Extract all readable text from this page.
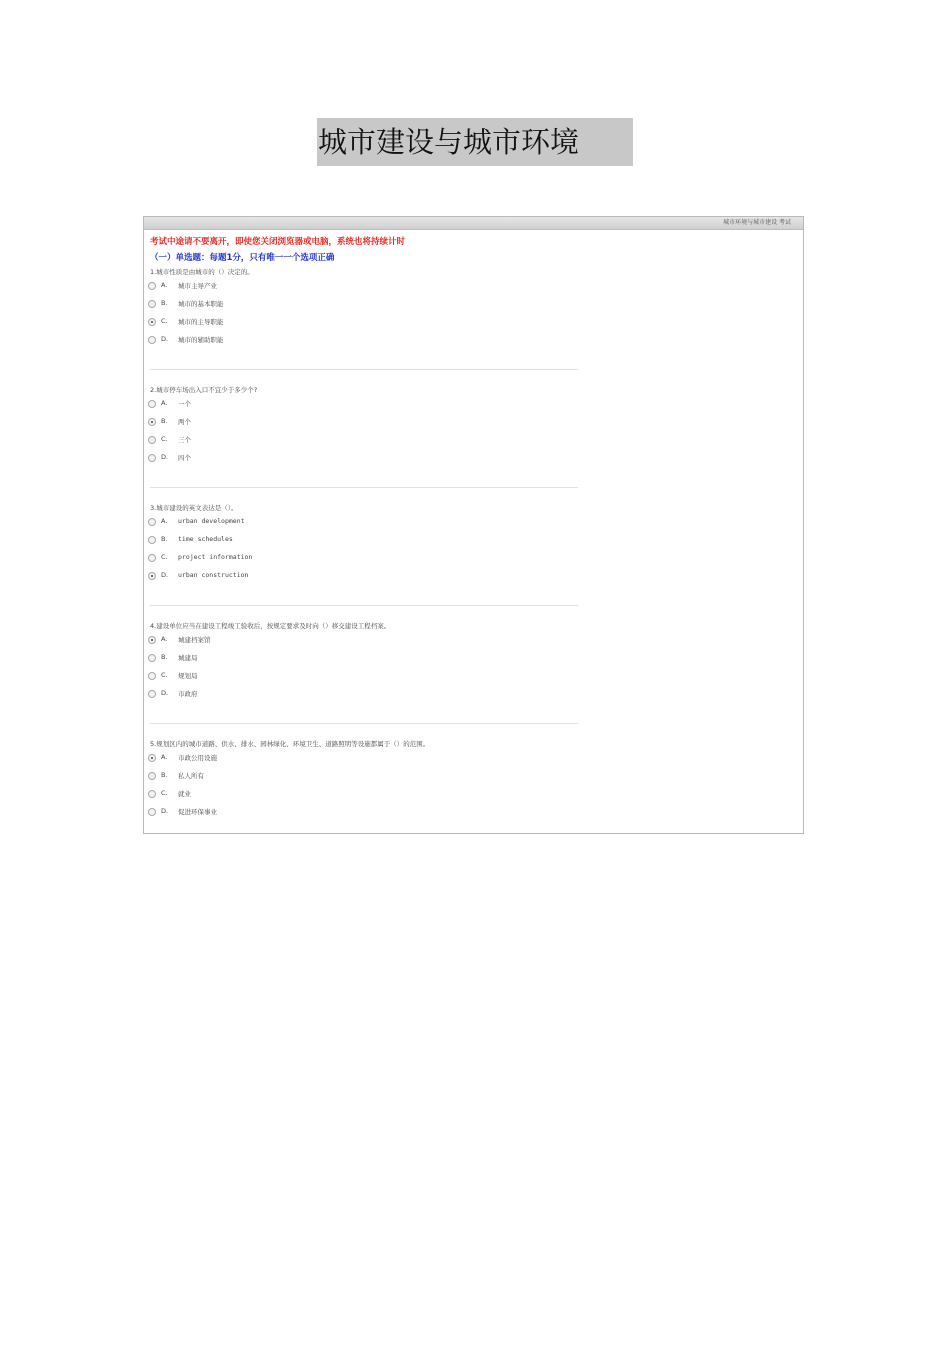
城市建设与城市环境
城市环境与城市建设 考试
考试中途请不要离开，即使您关闭浏览器或电脑，系统也将持续计时
（一）单选题：每题1分，只有唯一一个选项正确
1.城市性质是由城市的（）决定的。
A. 城市主导产业
B. 城市的基本职能
C. 城市的主导职能
D. 城市的辅助职能
2.城市停车场出入口不宜少于多少个?
A. 一个
B. 两个
C. 三个
D. 四个
3.城市建设的英文表达是（）。
A. urban development
B. time schedules
C. project information
D. urban construction
4.建设单位应当在建设工程竣工验收后，按规定要求及时向（）移交建设工程档案。
A. 城建档案馆
B. 城建局
C. 规划局
D. 市政府
5.规划区内的城市道路、供水、排水、园林绿化、环境卫生、道路照明等设施都属于（）的范围。
A. 市政公用设施
B. 私人所有
C. 就业
D. 促进环保事业
